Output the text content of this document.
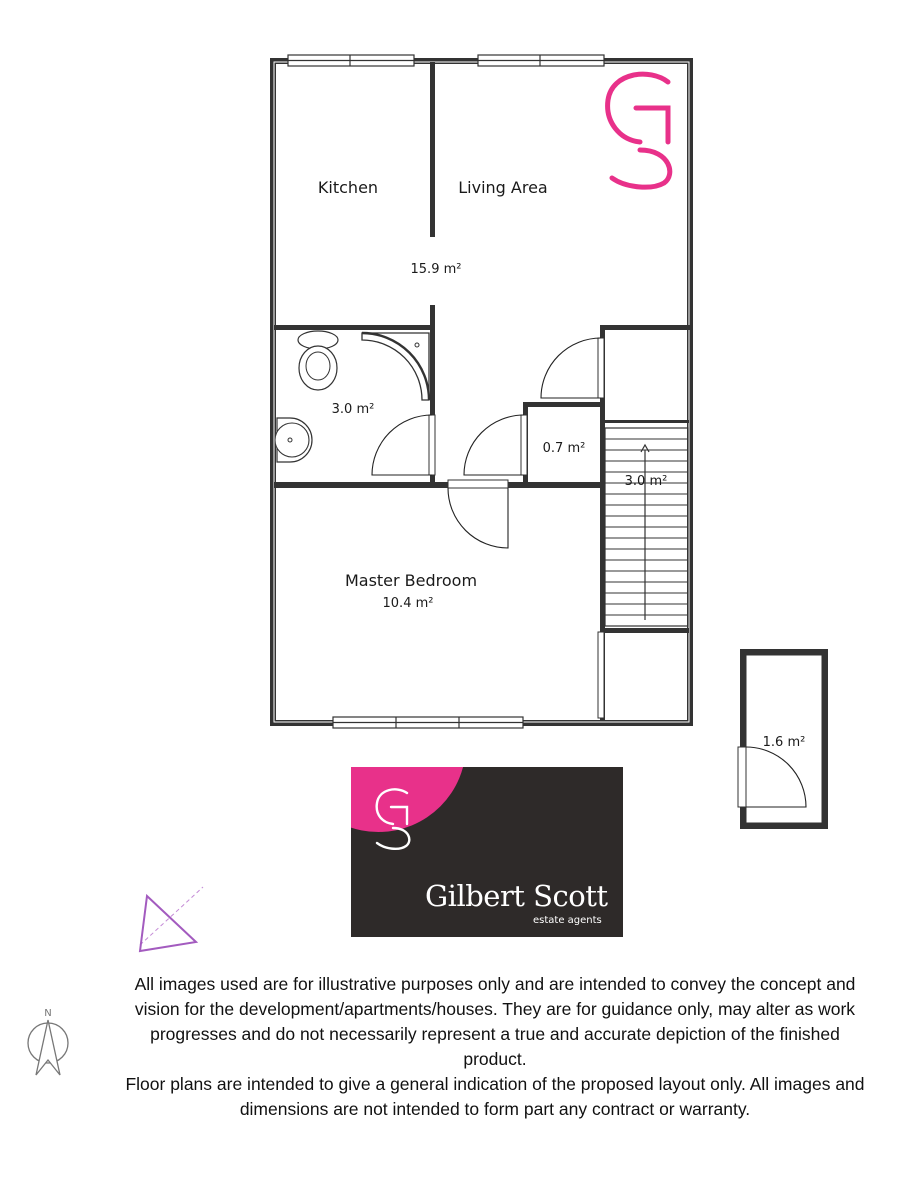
Kitchen	Living Area
15.9 m²
3.0 m²
0.7 m²
3.0 m²
Master Bedroom
10.4 m²
1.6 m²
N
Gilbert Scott
estate agents

All images used are for illustrative purposes only and are intended to convey the concept and vision for the development/apartments/houses. They are for guidance only, may alter as work progresses and do not necessarily represent a true and accurate depiction of the finished product.

Floor plans are intended to give a general indication of the proposed layout only. All images and dimensions are not intended to form part any contract or warranty.
